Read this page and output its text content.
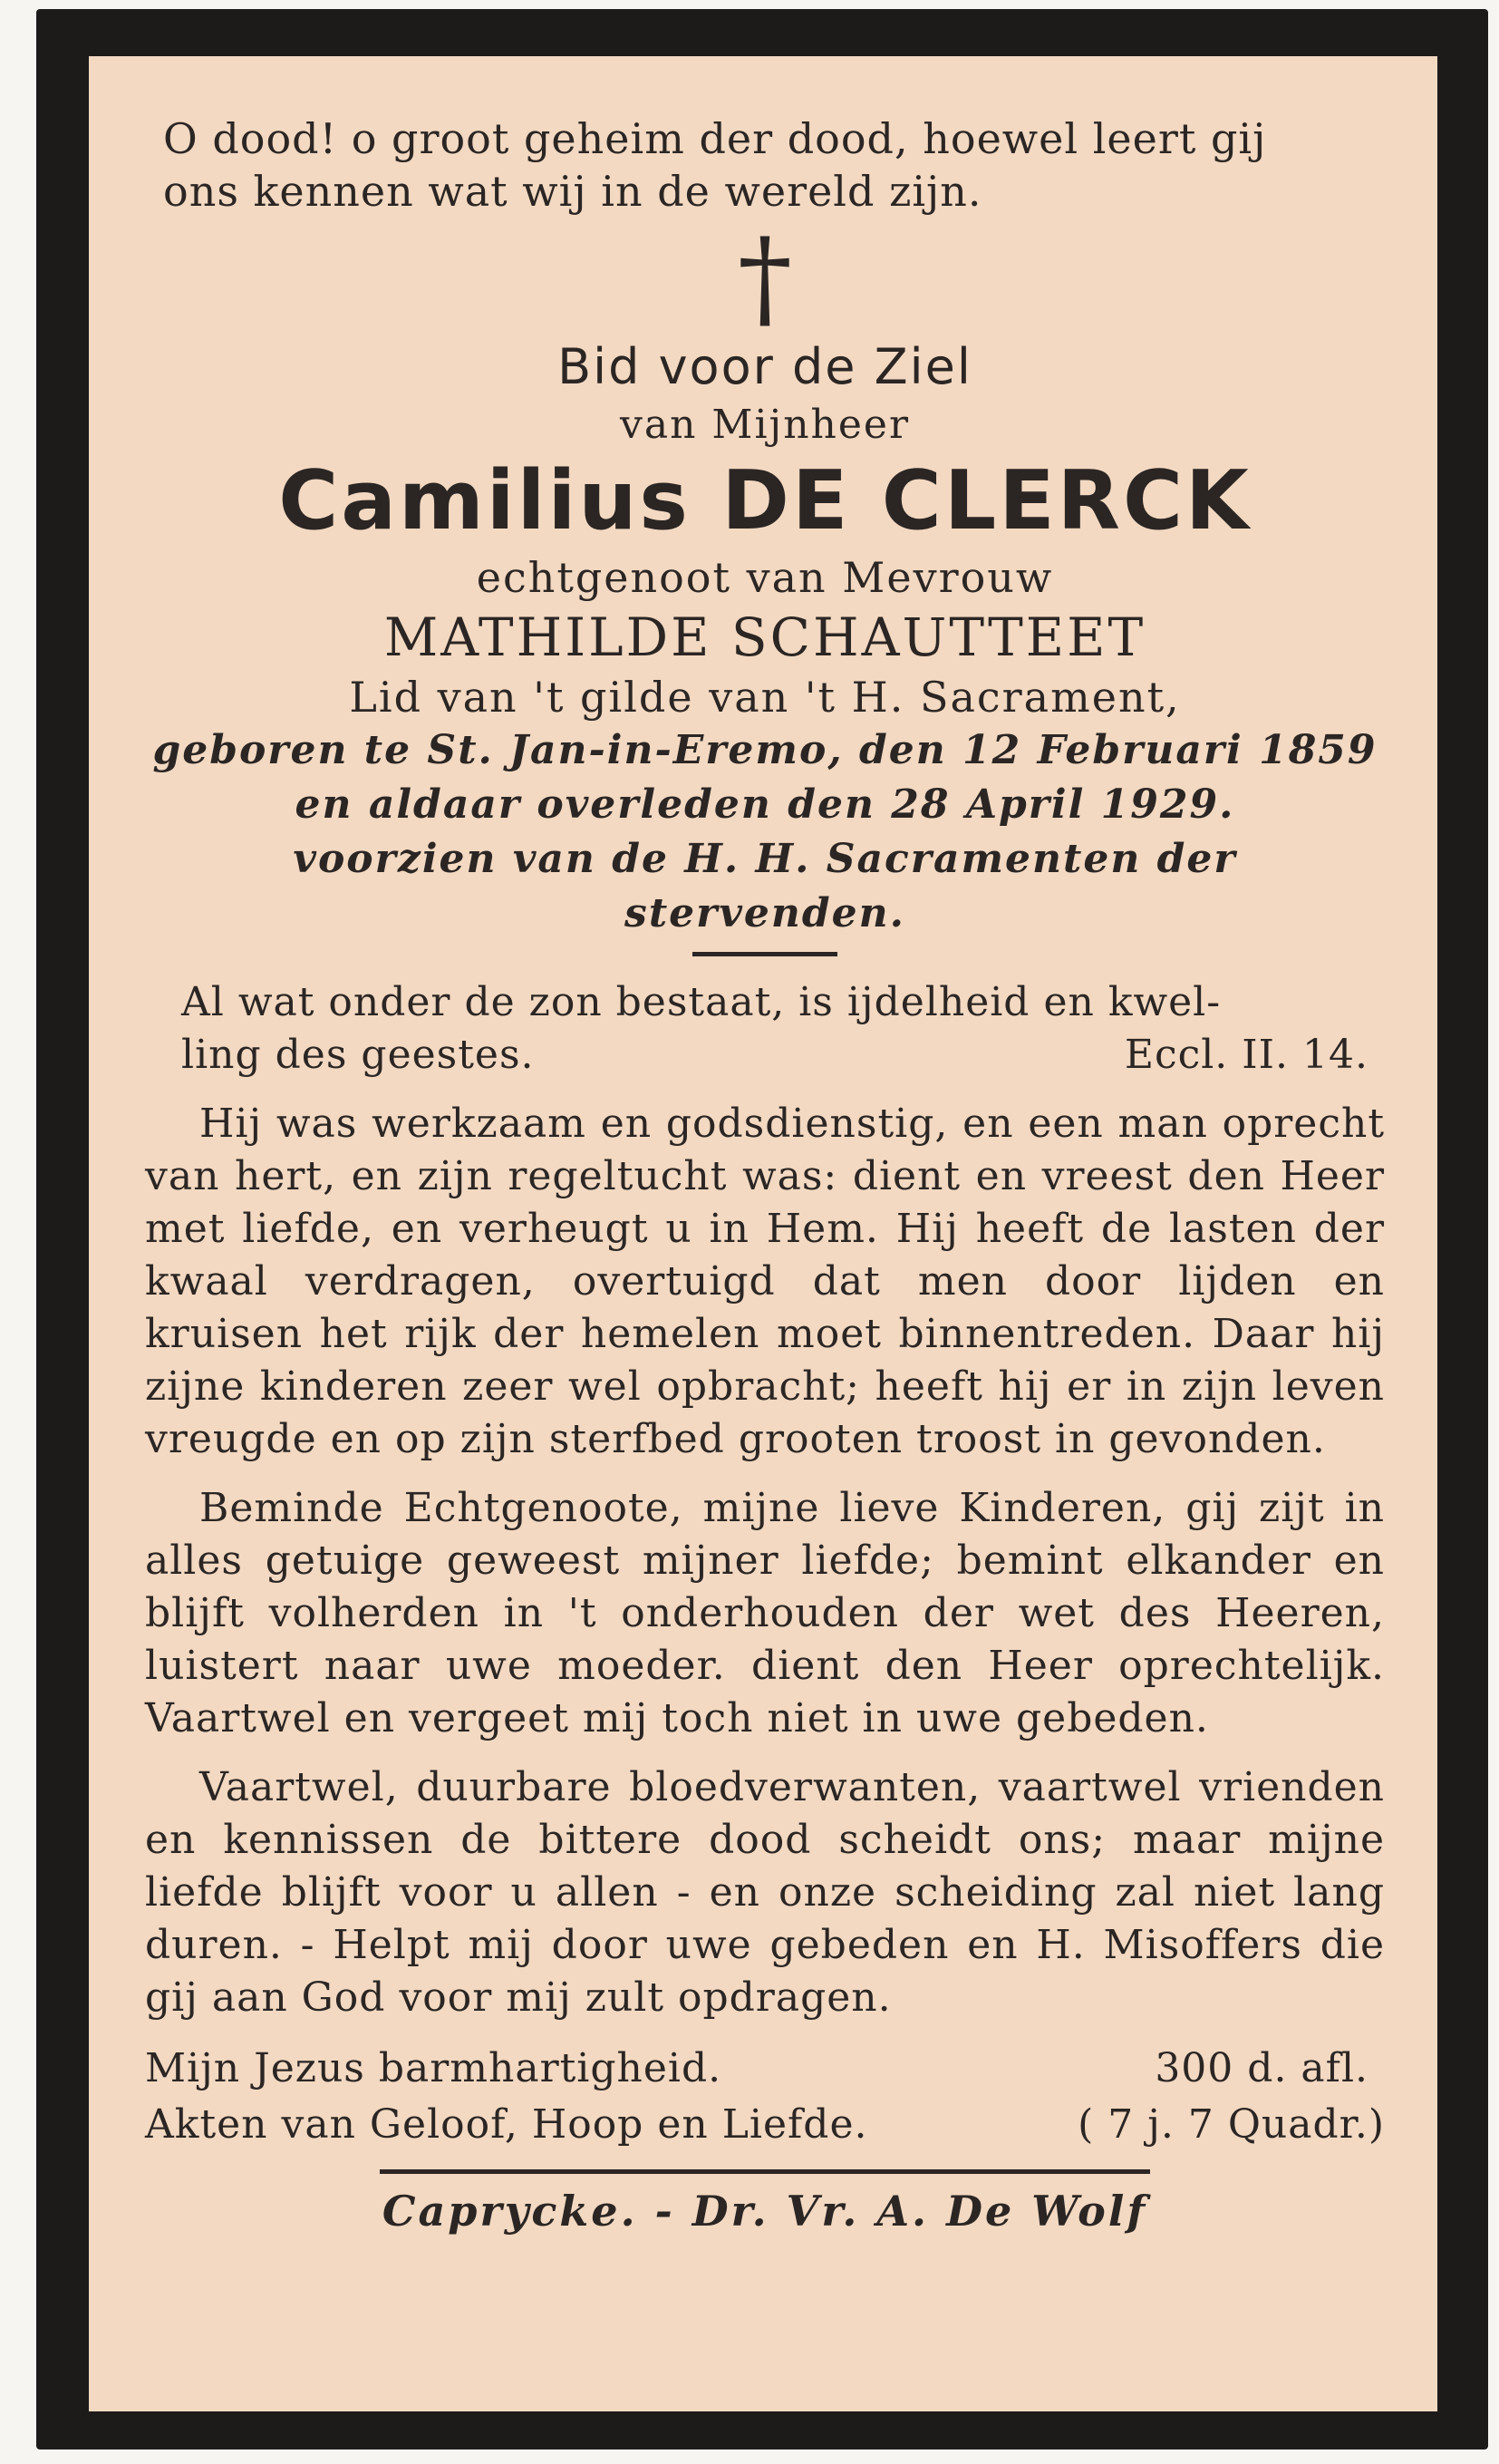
O dood! o groot geheim der dood, hoewel leert gij
ons kennen wat wij in de wereld zijn.
†
Bid voor de Ziel
van Mijnheer
Camilius DE CLERCK
echtgenoot van Mevrouw
MATHILDE SCHAUTTEET
Lid van 't gilde van 't H. Sacrament,
geboren te St. Jan-in-Eremo, den 12 Februari 1859
en aldaar overleden den 28 April 1929.
voorzien van de H. H. Sacramenten der stervenden.
Al wat onder de zon bestaat, is ijdelheid en kwel-
ling des geestes.	Eccl. II. 14.

Hij was werkzaam en godsdienstig, en een man oprecht van hert, en zijn regeltucht was: dient en vreest den Heer met liefde, en verheugt u in Hem. Hij heeft de lasten der kwaal verdragen, overtuigd dat men door lijden en kruisen het rijk der hemelen moet binnentreden. Daar hij zijne kinderen zeer wel opbracht; heeft hij er in zijn leven vreugde en op zijn sterfbed grooten troost in gevonden.

Beminde Echtgenoote, mijne lieve Kinderen, gij zijt in alles getuige geweest mijner liefde; bemint elkander en blijft volherden in 't onderhouden der wet des Heeren, luistert naar uwe moeder. dient den Heer oprechtelijk. Vaartwel en vergeet mij toch niet in uwe gebeden.

Vaartwel, duurbare bloedverwanten, vaartwel vrienden en kennissen de bittere dood scheidt ons; maar mijne liefde blijft voor u allen - en onze scheiding zal niet lang duren. - Helpt mij door uwe gebeden en H. Misoffers die gij aan God voor mij zult opdragen.

Mijn Jezus barmhartigheid.	300 d. afl.
Akten van Geloof, Hoop en Liefde.	( 7 j. 7 Quadr.)
Caprycke. - Dr. Vr. A. De Wolf
